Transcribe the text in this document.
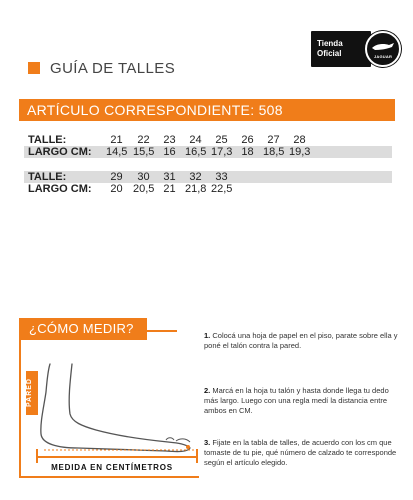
Tienda
Oficial	JAGUAR
GUÍA DE TALLES
ARTÍCULO CORRESPONDIENTE: 508
TALLE:	21	22	23	24	25	26	27	28
LARGO CM: 14,5 15,5 16 16,5 17,3 18 18,5 19,3
TALLE:	29	30	31	32	33
LARGO CM:	20 20,5 21 21,8 22,5
¿CÓMO MEDIR?
PARED
MEDIDA EN CENTÍMETROS
1. Colocá una hoja de papel en el piso, parate sobre ella y poné el talón contra la pared.
2. Marcá en la hoja tu talón y hasta donde llega tu dedo más largo. Luego con una regla medí la distancia entre ambos en CM.
3. Fijate en la tabla de talles, de acuerdo con los cm que tomaste de tu pie, qué número de calzado te corresponde según el artículo elegido.
